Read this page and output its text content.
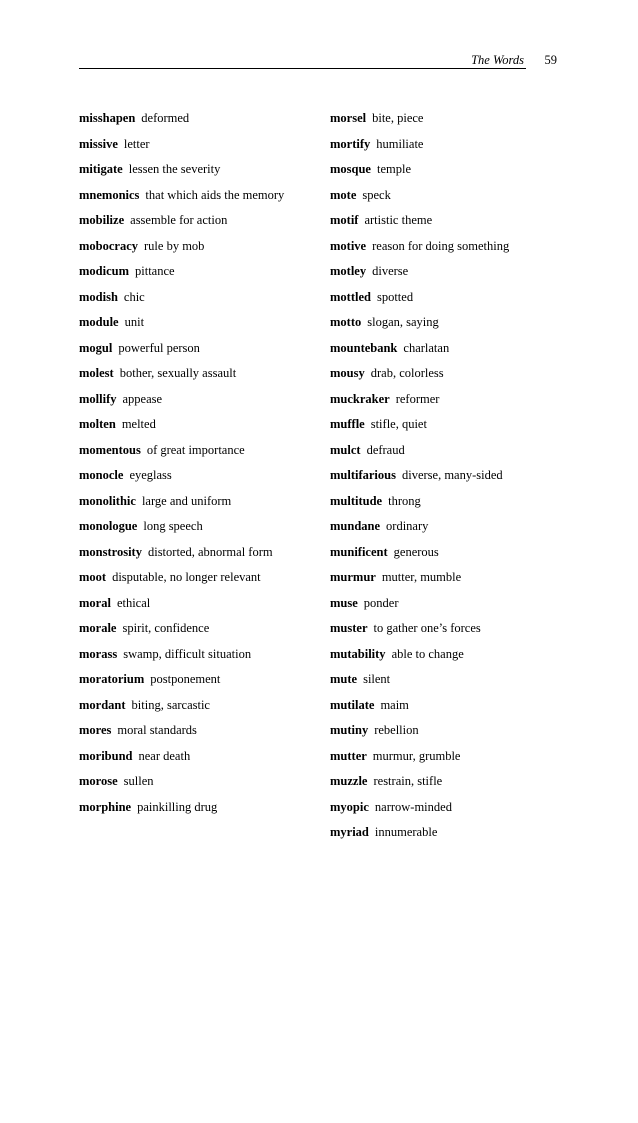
The Words 59
misshapen deformed
missive letter
mitigate lessen the severity
mnemonics that which aids the memory
mobilize assemble for action
mobocracy rule by mob
modicum pittance
modish chic
module unit
mogul powerful person
molest bother, sexually assault
mollify appease
molten melted
momentous of great importance
monocle eyeglass
monolithic large and uniform
monologue long speech
monstrosity distorted, abnormal form
moot disputable, no longer relevant
moral ethical
morale spirit, confidence
morass swamp, difficult situation
moratorium postponement
mordant biting, sarcastic
mores moral standards
moribund near death
morose sullen
morphine painkilling drug
morsel bite, piece
mortify humiliate
mosque temple
mote speck
motif artistic theme
motive reason for doing something
motley diverse
mottled spotted
motto slogan, saying
mountebank charlatan
mousy drab, colorless
muckraker reformer
muffle stifle, quiet
mulct defraud
multifarious diverse, many-sided
multitude throng
mundane ordinary
munificent generous
murmur mutter, mumble
muse ponder
muster to gather one’s forces
mutability able to change
mute silent
mutilate maim
mutiny rebellion
mutter murmur, grumble
muzzle restrain, stifle
myopic narrow-minded
myriad innumerable
